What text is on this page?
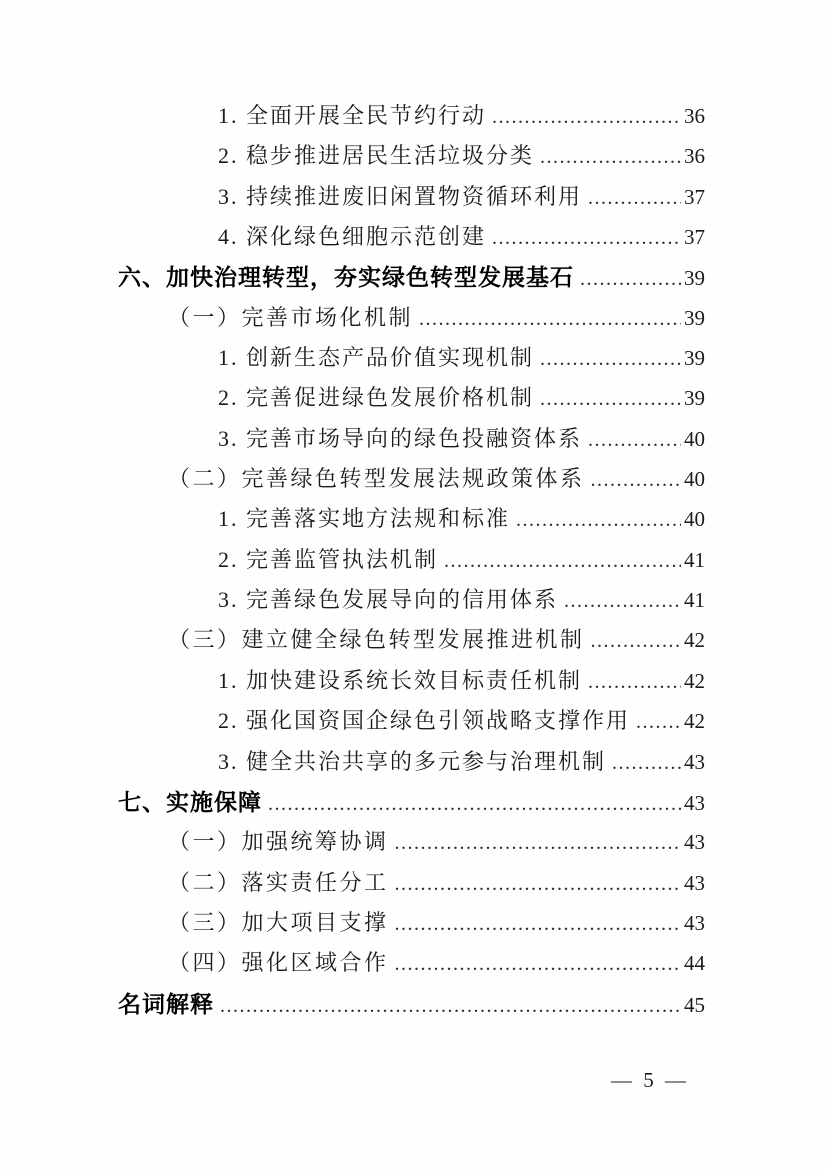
1. 全面开展全民节约行动 .....	36
2. 稳步推进居民生活垃圾分类 .....	36
3. 持续推进废旧闲置物资循环利用 .....	37
4. 深化绿色细胞示范创建 .....	37
六、加快治理转型，夯实绿色转型发展基石 .....	39
（一）完善市场化机制 .....	39
1. 创新生态产品价值实现机制 .....	39
2. 完善促进绿色发展价格机制 .....	39
3. 完善市场导向的绿色投融资体系 .....	40
（二）完善绿色转型发展法规政策体系 .....	40
1. 完善落实地方法规和标准 .....	40
2. 完善监管执法机制 .....	41
3. 完善绿色发展导向的信用体系 .....	41
（三）建立健全绿色转型发展推进机制 .....	42
1. 加快建设系统长效目标责任机制 .....	42
2. 强化国资国企绿色引领战略支撑作用 .....	42
3. 健全共治共享的多元参与治理机制 .....	43
七、实施保障 .....	43
（一）加强统筹协调 .....	43
（二）落实责任分工 .....	43
（三）加大项目支撑 .....	43
（四）强化区域合作 .....	44
名词解释 .....	45
— 5 —
